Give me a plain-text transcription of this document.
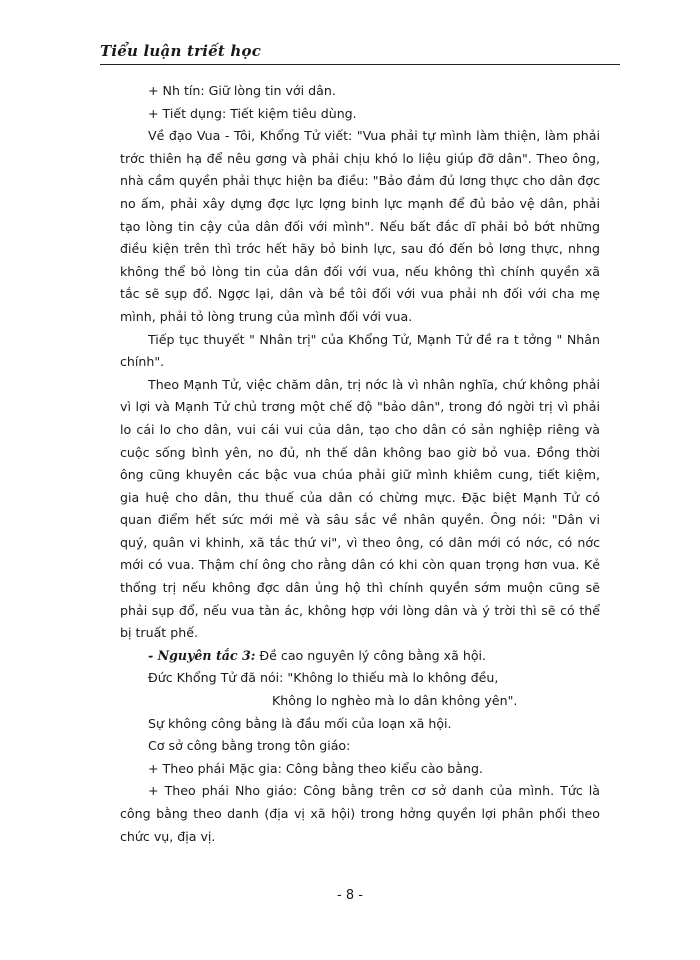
Tiểu luận triết học

+ Nh tín: Giữ lòng tin với dân.

+ Tiết dụng: Tiết kiệm tiêu dùng.

Về đạo Vua - Tôi, Khổng Tử viết: "Vua phải tự mình làm thiện, làm phải trớc thiên hạ để nêu gơng và phải chịu khó lo liệu giúp đỡ dân". Theo ông, nhà cầm quyền phải thực hiện ba điều: "Bảo đảm đủ lơng thực cho dân đợc no ấm, phải xây dựng đợc lực lợng binh lực mạnh để đủ bảo vệ dân, phải tạo lòng tin cậy của dân đối với mình". Nếu bất đắc dĩ phải bỏ bớt những điều kiện trên thì trớc hết hãy bỏ binh lực, sau đó đến bỏ lơng thực, nhng không thể bỏ lòng tin của dân đối với vua, nếu không thì chính quyền xã tắc sẽ sụp đổ. Ngợc lại, dân và bề tôi đối với vua phải nh đối với cha mẹ mình, phải tỏ lòng trung của mình đối với vua.

Tiếp tục thuyết " Nhân trị" của Khổng Tử, Mạnh Tử đề ra t tởng " Nhân chính".

Theo Mạnh Tử, việc chăm dân, trị nớc là vì nhân nghĩa, chứ không phải vì lợi và Mạnh Tử chủ trơng một chế độ "bảo dân", trong đó ngời trị vì phải lo cái lo cho dân, vui cái vui của dân, tạo cho dân có sản nghiệp riêng và cuộc sống bình yên, no đủ, nh thế dân không bao giờ bỏ vua. Đồng thời ông cũng khuyên các bậc vua chúa phải giữ mình khiêm cung, tiết kiệm, gia huệ cho dân, thu thuế của dân có chừng mực. Đặc biệt Mạnh Tử có quan điểm hết sức mới mẻ và sâu sắc về nhân quyền. Ông nói: "Dân vi quý, quân vi khinh, xã tắc thứ vi", vì theo ông, có dân mới có nớc, có nớc mới có vua. Thậm chí ông cho rằng dân có khi còn quan trọng hơn vua. Kẻ thống trị nếu không đợc dân ủng hộ thì chính quyền sớm muộn cũng sẽ phải sụp đổ, nếu vua tàn ác, không hợp với lòng dân và ý trời thì sẽ có thể bị truất phế.

- Nguyên tắc 3: Đề cao nguyên lý công bằng xã hội.

Đức Khổng Tử đã nói: "Không lo thiếu mà lo không đều,

Không lo nghèo mà lo dân không yên".

Sự không công bằng là đầu mối của loạn xã hội.

Cơ sở công bằng trong tôn giáo:

+ Theo phái Mặc gia: Công bằng theo kiểu cào bằng.

+ Theo phái Nho giáo: Công bằng trên cơ sở danh của mình. Tức là công bằng theo danh (địa vị xã hội) trong hởng quyền lợi phân phối theo chức vụ, địa vị.

- 8 -
